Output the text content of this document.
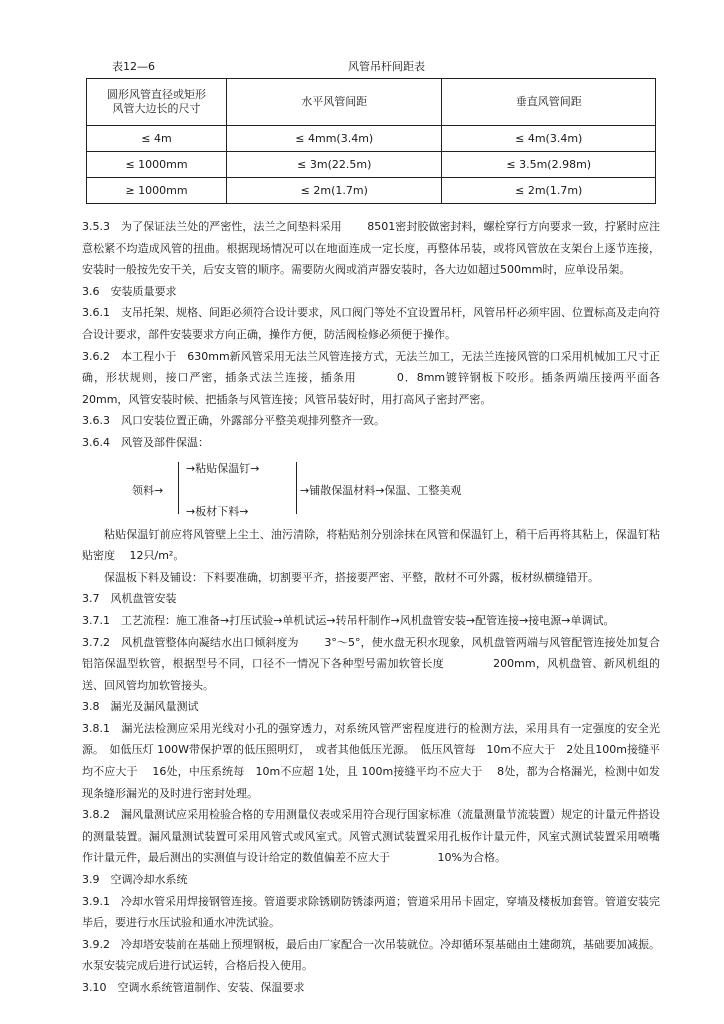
表12—6	风管吊杆间距表
圆形风管直径或矩形
风管大边长的尺寸	水平风管间距	垂直风管间距
≤ 4m	≤ 4mm(3.4m)	≤ 4m(3.4m)
≤ 1000mm	≤ 3m(22.5m)	≤ 3.5m(2.98m)
≥ 1000mm	≤ 2m(1.7m)	≤ 2m(1.7m)

3.5.3　为了保证法兰处的严密性，法兰之间垫料采用　　 8501密封胶做密封料，螺栓穿行方向要求一致，拧紧时应注意松紧不均造成风管的扭曲。根据现场情况可以在地面连成一定长度，再整体吊装，或将风管放在支架台上逐节连接，安装时一般按先安干关，后安支管的顺序。需要防火阀或消声器安装时，各大边如超过500mm时，应单设吊架。

3.6　安装质量要求

3.6.1　支吊托架、规格、间距必须符合设计要求，风口阀门等处不宜设置吊杆，风管吊杆必须牢固、位置标高及走向符合设计要求，部件安装要求方向正确，操作方便，防活阀检修必须便于操作。

3.6.2　本工程小于　630mm新风管采用无法兰风管连接方式，无法兰加工，无法兰连接风管的口采用机械加工尺寸正确，形状规则，接口严密，插条式法兰连接，插条用　　　 0．8mm镀锌钢板下咬形。插条两端压接两平面各 20mm，风管安装时候、把插条与风管连接；风管吊装好时，用打高风子密封严密。

3.6.3　风口安装位置正确，外露部分平整美观排列整齐一致。

3.6.4　风管及部件保温：

领料→
→粘贴保温钉→
→板材下料→
→铺散保温材料→保温、工整美观

粘贴保温钉前应将风管壁上尘土、油污清除，将粘贴剂分别涂抹在风管和保温钉上，稍干后再将其粘上，保温钉粘贴密度　 12只/m²。

保温板下料及铺设：下料要准确，切割要平齐，搭接要严密、平整，散材不可外露，板材纵横缝错开。

3.7　风机盘管安装

3.7.1　工艺流程：施工准备→打压试验→单机试运→转吊杆制作→风机盘管安装→配管连接→接电源→单调试。

3.7.2　风机盘管整体向凝结水出口倾斜度为　　 3°～5°，使水盘无积水现象，风机盘管两端与风管配管连接处加复合铝箔保温型软管，根据型号不同，口径不一情况下各种型号需加软管长度　　　　 200mm，风机盘管、新风机组的送、回风管均加软管接头。

3.8　漏光及漏风量测试

3.8.1　漏光法检测应采用光线对小孔的强穿透力，对系统风管严密程度进行的检测方法，采用具有一定强度的安全光源。　如低压灯 100W带保护罩的低压照明灯，　或者其他低压光源。　低压风管每　10m不应大于　2处且100m接缝平均不应大于　 16处，中压系统每　10m不应超 1处，且 100m接缝平均不应大于　 8处，都为合格漏光，检测中如发现条缝形漏光的及时进行密封处理。

3.8.2　漏风量测试应采用检验合格的专用测量仪表或采用符合现行国家标准（流量测量节流装置）规定的计量元件搭设的测量装置。漏风量测试装置可采用风管式或风室式。风管式测试装置采用孔板作计量元件，风室式测试装置采用喷嘴作计量元件，最后测出的实测值与设计给定的数值偏差不应大于　　　　 10%为合格。

3.9　空调冷却水系统

3.9.1　冷却水管采用焊接钢管连接。管道要求除锈刷防锈漆两道；管道采用吊卡固定，穿墙及楼板加套管。管道安装完毕后，要进行水压试验和通水冲洗试验。

3.9.2　冷却塔安装前在基础上预埋钢板，最后由厂家配合一次吊装就位。冷却循环泵基础由土建砌筑，基础要加减振。水泵安装完成后进行试运转，合格后投入使用。

3.10　空调水系统管道制作、安装、保温要求
